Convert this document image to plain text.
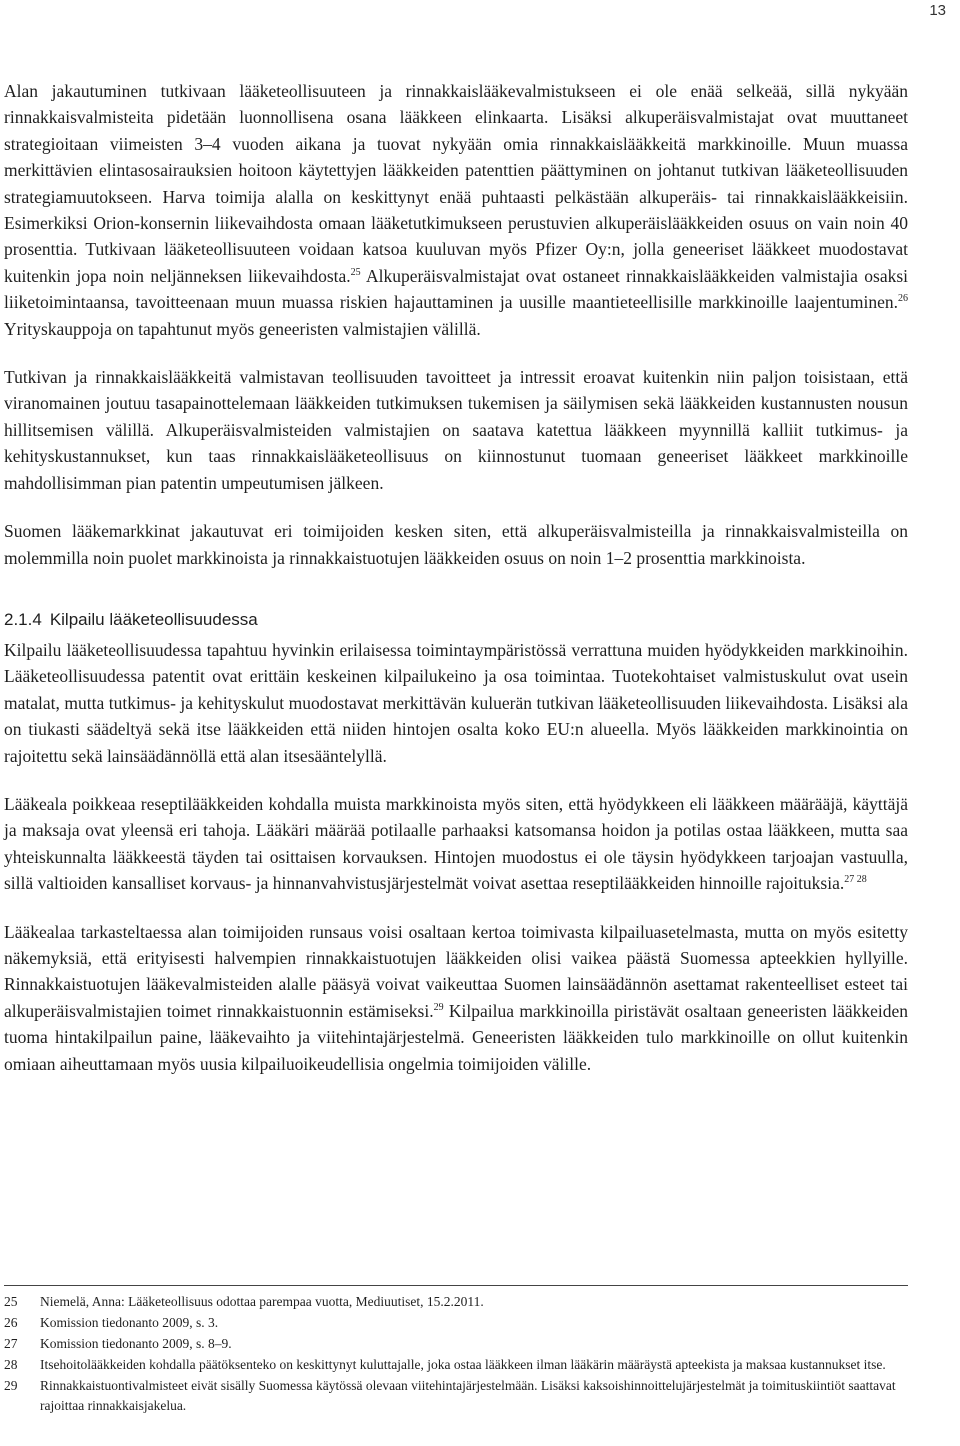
13

Alan jakautuminen tutkivaan lääketeollisuuteen ja rinnakkaislääkevalmistukseen ei ole enää selkeää, sillä nykyään rinnakkaisvalmisteita pidetään luonnollisena osana lääkkeen elinkaarta. Lisäksi alkuperäisvalmistajat ovat muuttaneet strategioitaan viimeisten 3–4 vuoden aikana ja tuovat nykyään omia rinnakkaislääkkeitä markkinoille. Muun muassa merkittävien elintasosairauksien hoitoon käytettyjen lääkkeiden patenttien päättyminen on johtanut tutkivan lääketeollisuuden strategiamuutokseen. Harva toimija alalla on keskittynyt enää puhtaasti pelkästään alkuperäis- tai rinnakkaislääkkeisiin. Esimerkiksi Orion-konsernin liikevaihdosta omaan lääketutkimukseen perustuvien alkuperäislääkkeiden osuus on vain noin 40 prosenttia. Tutkivaan lääketeollisuuteen voidaan katsoa kuuluvan myös Pfizer Oy:n, jolla geneeriset lääkkeet muodostavat kuitenkin jopa noin neljänneksen liikevaihdosta.$^{25}$ Alkuperäisvalmistajat ovat ostaneet rinnakkaislääkkeiden valmistajia osaksi liiketoimintaansa, tavoitteenaan muun muassa riskien hajauttaminen ja uusille maantieteellisille markkinoille laajentuminen.$^{26}$ Yrityskauppoja on tapahtunut myös geneeristen valmistajien välillä.

Tutkivan ja rinnakkaislääkkeitä valmistavan teollisuuden tavoitteet ja intressit eroavat kuitenkin niin paljon toisistaan, että viranomainen joutuu tasapainottelemaan lääkkeiden tutkimuksen tukemisen ja säilymisen sekä lääkkeiden kustannusten nousun hillitsemisen välillä. Alkuperäisvalmisteiden valmistajien on saatava katettua lääkkeen myynnillä kalliit tutkimus- ja kehityskustannukset, kun taas rinnakkaislääketeollisuus on kiinnostunut tuomaan geneeriset lääkkeet markkinoille mahdollisimman pian patentin umpeutumisen jälkeen.

Suomen lääkemarkkinat jakautuvat eri toimijoiden kesken siten, että alkuperäisvalmisteilla ja rinnakkaisvalmisteilla on molemmilla noin puolet markkinoista ja rinnakkaistuotujen lääkkeiden osuus on noin 1–2 prosenttia markkinoista.

2.1.4 Kilpailu lääketeollisuudessa

Kilpailu lääketeollisuudessa tapahtuu hyvinkin erilaisessa toimintaympäristössä verrattuna muiden hyödykkeiden markkinoihin. Lääketeollisuudessa patentit ovat erittäin keskeinen kilpailukeino ja osa toimintaa. Tuotekohtaiset valmistuskulut ovat usein matalat, mutta tutkimus- ja kehityskulut muodostavat merkittävän kuluerän tutkivan lääketeollisuuden liikevaihdosta. Lisäksi ala on tiukasti säädeltyä sekä itse lääkkeiden että niiden hintojen osalta koko EU:n alueella. Myös lääkkeiden markkinointia on rajoitettu sekä lainsäädännöllä että alan itsesääntelyllä.

Lääkeala poikkeaa reseptilääkkeiden kohdalla muista markkinoista myös siten, että hyödykkeen eli lääkkeen määrääjä, käyttäjä ja maksaja ovat yleensä eri tahoja. Lääkäri määrää potilaalle parhaaksi katsomansa hoidon ja potilas ostaa lääkkeen, mutta saa yhteiskunnalta lääkkeestä täyden tai osittaisen korvauksen. Hintojen muodostus ei ole täysin hyödykkeen tarjoajan vastuulla, sillä valtioiden kansalliset korvaus- ja hinnanvahvistusjärjestelmät voivat asettaa reseptilääkkeiden hinnoille rajoituksia.$^{27 28}$

Lääkealaa tarkasteltaessa alan toimijoiden runsaus voisi osaltaan kertoa toimivasta kilpailuasetelmasta, mutta on myös esitetty näkemyksiä, että erityisesti halvempien rinnakkaistuotujen lääkkeiden olisi vaikea päästä Suomessa apteekkien hyllyille. Rinnakkaistuotujen lääkevalmisteiden alalle pääsyä voivat vaikeuttaa Suomen lainsäädännön asettamat rakenteelliset esteet tai alkuperäisvalmistajien toimet rinnakkaistuonnin estämiseksi.$^{29}$ Kilpailua markkinoilla piristävät osaltaan geneeristen lääkkeiden tuoma hintakilpailun paine, lääkevaihto ja viitehintajärjestelmä. Geneeristen lääkkeiden tulo markkinoille on ollut kuitenkin omiaan aiheuttamaan myös uusia kilpailuoikeudellisia ongelmia toimijoiden välille.

25	Niemelä, Anna: Lääketeollisuus odottaa parempaa vuotta, Mediuutiset, 15.2.2011.
26	Komission tiedonanto 2009, s. 3.
27	Komission tiedonanto 2009, s. 8–9.
28	Itsehoitolääkkeiden kohdalla päätöksenteko on keskittynyt kuluttajalle, joka ostaa lääkkeen ilman lääkärin määräystä apteekista ja maksaa kustannukset itse.
29	Rinnakkaistuontivalmisteet eivät sisälly Suomessa käytössä olevaan viitehintajärjestelmään. Lisäksi kaksoishinnoittelujärjestelmät ja toimituskiintiöt saattavat rajoittaa rinnakkaisjakelua.
